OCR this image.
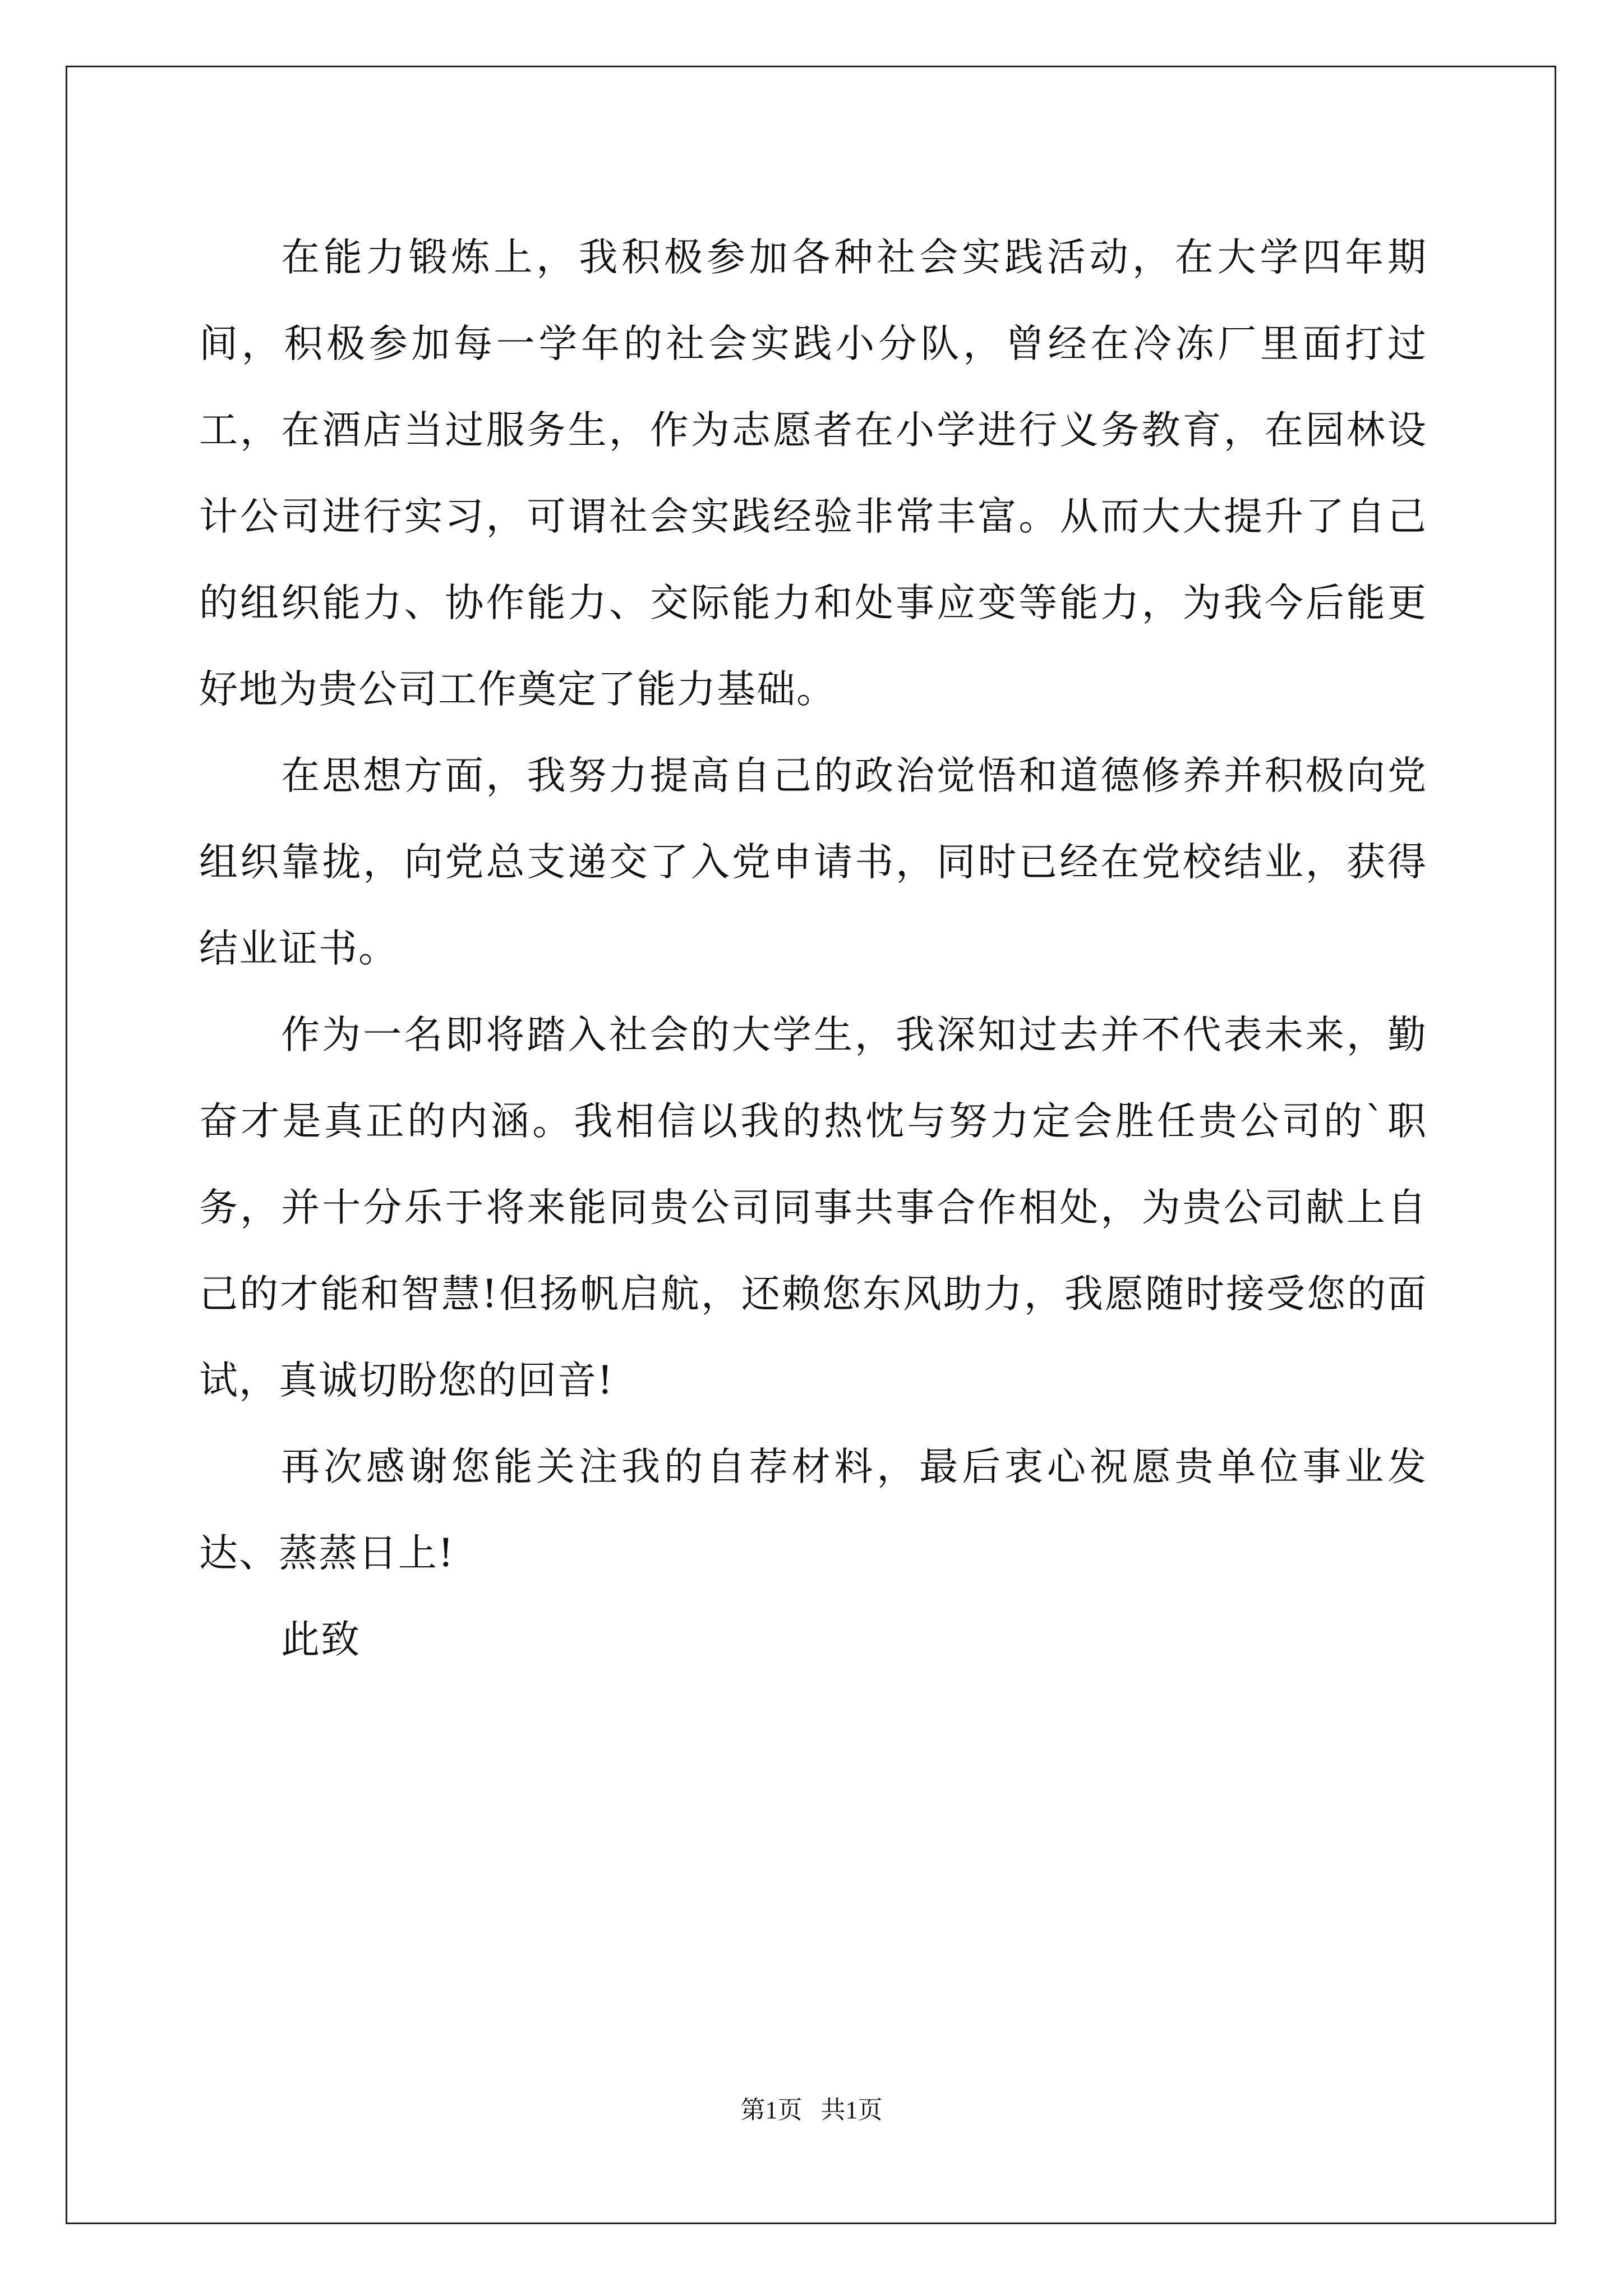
在能力锻炼上，我积极参加各种社会实践活动，在大学四年期间，积极参加每一学年的社会实践小分队，曾经在冷冻厂里面打过工，在酒店当过服务生，作为志愿者在小学进行义务教育，在园林设计公司进行实习，可谓社会实践经验非常丰富。从而大大提升了自己的组织能力、协作能力、交际能力和处事应变等能力，为我今后能更好地为贵公司工作奠定了能力基础。

在思想方面，我努力提高自己的政治觉悟和道德修养并积极向党组织靠拢，向党总支递交了入党申请书，同时已经在党校结业，获得结业证书。

作为一名即将踏入社会的大学生，我深知过去并不代表未来，勤奋才是真正的内涵。我相信以我的热忱与努力定会胜任贵公司的`职务，并十分乐于将来能同贵公司同事共事合作相处，为贵公司献上自己的才能和智慧!但扬帆启航，还赖您东风助力，我愿随时接受您的面试，真诚切盼您的回音!

再次感谢您能关注我的自荐材料，最后衷心祝愿贵单位事业发达、蒸蒸日上!

此致

第1页   共1页
